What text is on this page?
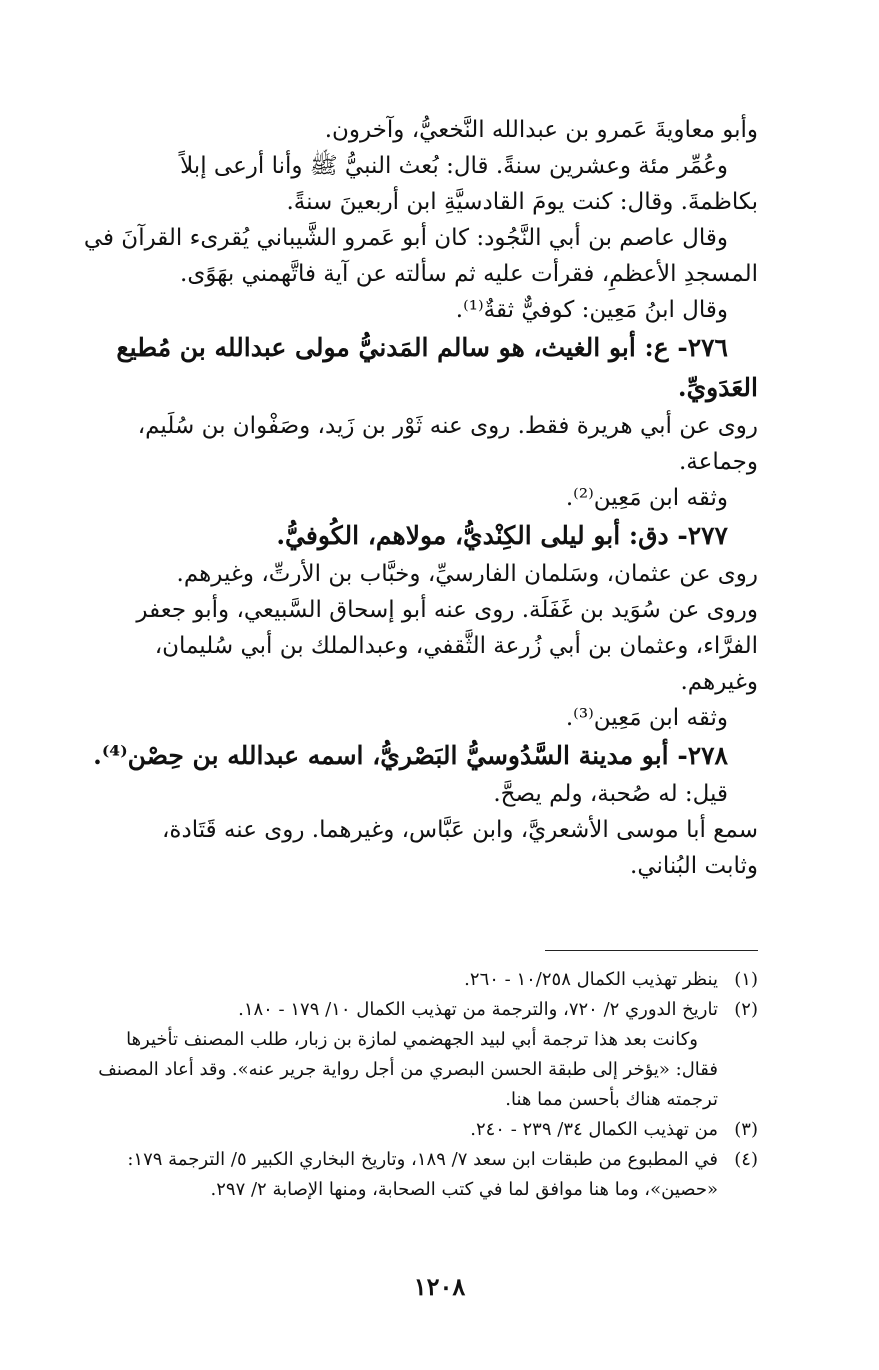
وأبو معاويةَ عَمرو بن عبدالله النَّخعيُّ، وآخرون.
وعُمِّر مئة وعشرين سنةً. قال: بُعث النبيُّ ﷺ وأنا أرعى إبلاً
بكاظمةَ. وقال: كنت يومَ القادسيَّةِ ابن أربعينَ سنةً.
وقال عاصم بن أبي النَّجُود: كان أبو عَمرو الشَّيباني يُقرىء القرآنَ في
المسجدِ الأعظمِ، فقرأت عليه ثم سألته عن آية فاتَّهمني بهَوًى.
وقال ابنُ مَعِين: كوفيٌّ ثقةٌ⁽¹⁾.
٢٧٦- ع: أبو الغيث، هو سالم المَدنيُّ مولى عبدالله بن مُطيع
العَدَويِّ.
روى عن أبي هريرة فقط. روى عنه ثَوْر بن زَيد، وصَفْوان بن سُلَيم،
وجماعة.
وثقه ابن مَعِين⁽²⁾.
٢٧٧- دق: أبو ليلى الكِنْديُّ، مولاهم، الكُوفيُّ.
روى عن عثمان، وسَلمان الفارسيِّ، وخبَّاب بن الأرتِّ، وغيرهم.
وروى عن سُوَيد بن غَفَلَة. روى عنه أبو إسحاق السَّبيعي، وأبو جعفر
الفرَّاء، وعثمان بن أبي زُرعة الثَّقفي، وعبدالملك بن أبي سُليمان،
وغيرهم.
وثقه ابن مَعِين⁽³⁾.
٢٧٨- أبو مدينة السَّدُوسيُّ البَصْريُّ، اسمه عبدالله بن حِصْن⁽⁴⁾.
قيل: له صُحبة، ولم يصحَّ.
سمع أبا موسى الأشعريَّ، وابن عَبَّاس، وغيرهما. روى عنه قَتَادة،
وثابت البُناني.
(١)
ينظر تهذيب الكمال ١٠/٢٥٨ - ٢٦٠.
(٢)
تاريخ الدوري ٢/ ٧٢٠، والترجمة من تهذيب الكمال ١٠/ ١٧٩ - ١٨٠.
وكانت بعد هذا ترجمة أبي لبيد الجهضمي لمازة بن زبار، طلب المصنف تأخيرها
فقال: «يؤخر إلى طبقة الحسن البصري من أجل رواية جرير عنه». وقد أعاد المصنف
ترجمته هناك بأحسن مما هنا.
(٣)
من تهذيب الكمال ٣٤/ ٢٣٩ - ٢٤٠.
(٤)
في المطبوع من طبقات ابن سعد ٧/ ١٨٩، وتاريخ البخاري الكبير ٥/ الترجمة ١٧٩:
«حصين»، وما هنا موافق لما في كتب الصحابة، ومنها الإصابة ٢/ ٢٩٧.
١٢٠٨
